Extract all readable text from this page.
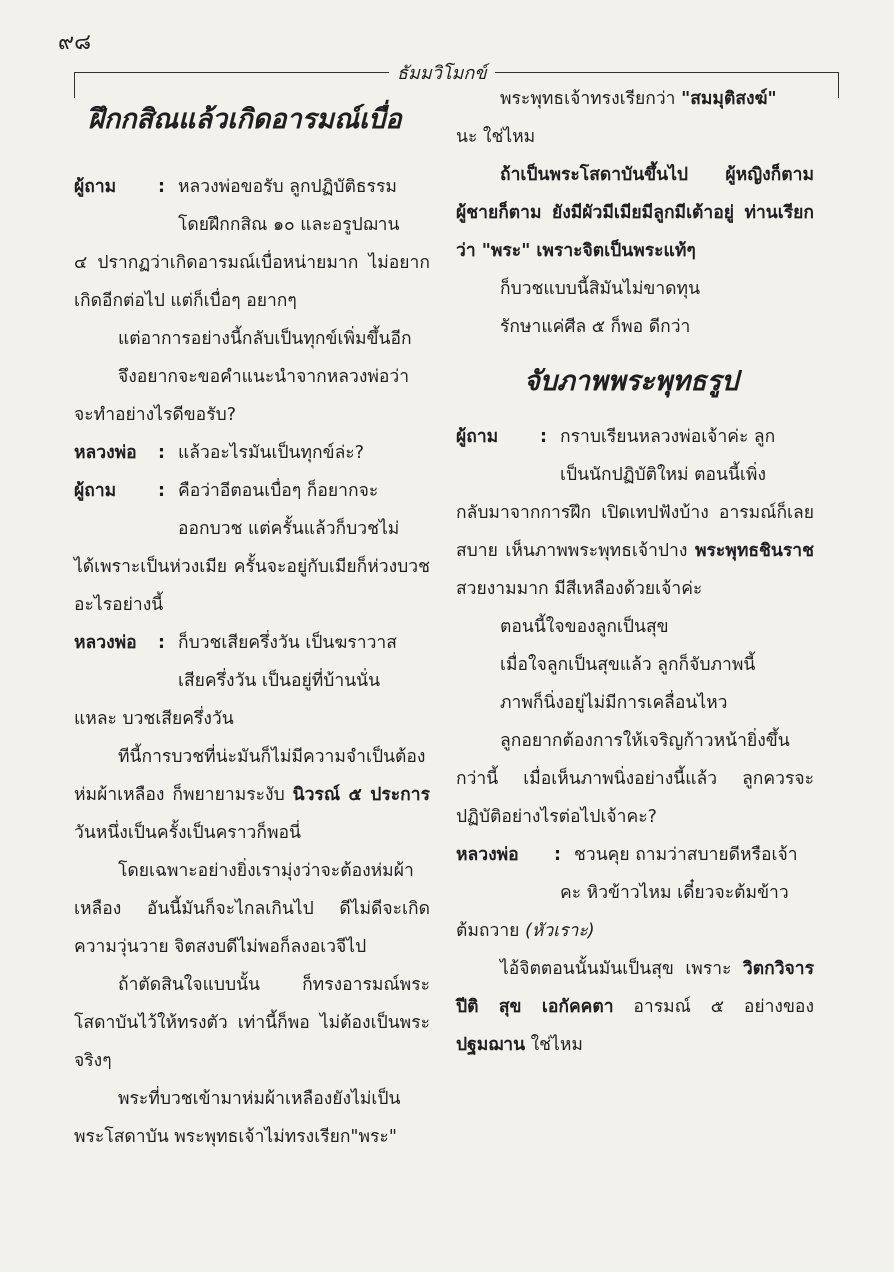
๙๘
ธัมมวิโมกข์
ฝึกกสิณแล้วเกิดอารมณ์เบื่อ
ผู้ถาม	: หลวงพ่อขอรับ ลูกปฏิบัติธรรม

โดยฝึกกสิณ ๑๐ และอรูปฌาน

๔ ปรากฏว่าเกิดอารมณ์เบื่อหน่ายมาก ไม่อยากเกิดอีกต่อไป แต่ก็เบื่อๆ อยากๆ

แต่อาการอย่างนี้กลับเป็นทุกข์เพิ่มขึ้นอีก

จึงอยากจะขอคำแนะนำจากหลวงพ่อว่า

จะทำอย่างไรดีขอรับ?

หลวงพ่อ	: แล้วอะไรมันเป็นทุกข์ล่ะ?
ผู้ถาม	: คือว่าอีตอนเบื่อๆ ก็อยากจะ

ออกบวช แต่ครั้นแล้วก็บวชไม่

ได้เพราะเป็นห่วงเมีย ครั้นจะอยู่กับเมียก็ห่วงบวชอะไรอย่างนี้

หลวงพ่อ	: ก็บวชเสียครึ่งวัน เป็นฆราวาส

เสียครึ่งวัน เป็นอยู่ที่บ้านนั่น

แหละ บวชเสียครึ่งวัน

ทีนี้การบวชที่น่ะมันก็ไม่มีความจำเป็นต้องห่มผ้าเหลือง ก็พยายามระงับ นิวรณ์ ๕ ประการ วันหนึ่งเป็นครั้งเป็นคราวก็พอนี่

โดยเฉพาะอย่างยิ่งเรามุ่งว่าจะต้องห่มผ้าเหลือง อันนี้มันก็จะไกลเกินไป ดีไม่ดีจะเกิดความวุ่นวาย จิตสงบดีไม่พอก็ลงอเวจีไป

ถ้าตัดสินใจแบบนั้น ก็ทรงอารมณ์พระโสดาบันไว้ให้ทรงตัว เท่านี้ก็พอ ไม่ต้องเป็นพระจริงๆ

พระที่บวชเข้ามาห่มผ้าเหลืองยังไม่เป็นพระโสดาบัน พระพุทธเจ้าไม่ทรงเรียก"พระ"

พระพุทธเจ้าทรงเรียกว่า "สมมุติสงฆ์"

นะ ใช่ไหม

ถ้าเป็นพระโสดาบันขึ้นไป ผู้หญิงก็ตาม ผู้ชายก็ตาม ยังมีผัวมีเมียมีลูกมีเต้าอยู่ ท่านเรียกว่า "พระ" เพราะจิตเป็นพระแท้ๆ

ก็บวชแบบนี้สิมันไม่ขาดทุน

รักษาแค่ศีล ๕ ก็พอ ดีกว่า

จับภาพพระพุทธรูป
ผู้ถาม	: กราบเรียนหลวงพ่อเจ้าค่ะ ลูก

เป็นนักปฏิบัติใหม่ ตอนนี้เพิ่ง

กลับมาจากการฝึก เปิดเทปฟังบ้าง อารมณ์ก็เลยสบาย เห็นภาพพระพุทธเจ้าปาง พระพุทธชินราช สวยงามมาก มีสีเหลืองด้วยเจ้าค่ะ

ตอนนี้ใจของลูกเป็นสุข

เมื่อใจลูกเป็นสุขแล้ว ลูกก็จับภาพนี้

ภาพก็นิ่งอยู่ไม่มีการเคลื่อนไหว

ลูกอยากต้องการให้เจริญก้าวหน้ายิ่งขึ้นกว่านี้ เมื่อเห็นภาพนิ่งอย่างนี้แล้ว ลูกควรจะปฏิบัติอย่างไรต่อไปเจ้าคะ?

หลวงพ่อ	: ชวนคุย ถามว่าสบายดีหรือเจ้า

คะ หิวข้าวไหม เดี๋ยวจะต้มข้าว

ต้มถวาย (หัวเราะ)

ไอ้จิตตอนนั้นมันเป็นสุข เพราะ วิตกวิจาร ปีติ สุข เอกัคคตา อารมณ์ ๕ อย่างของ ปฐมฌาน ใช่ไหม
